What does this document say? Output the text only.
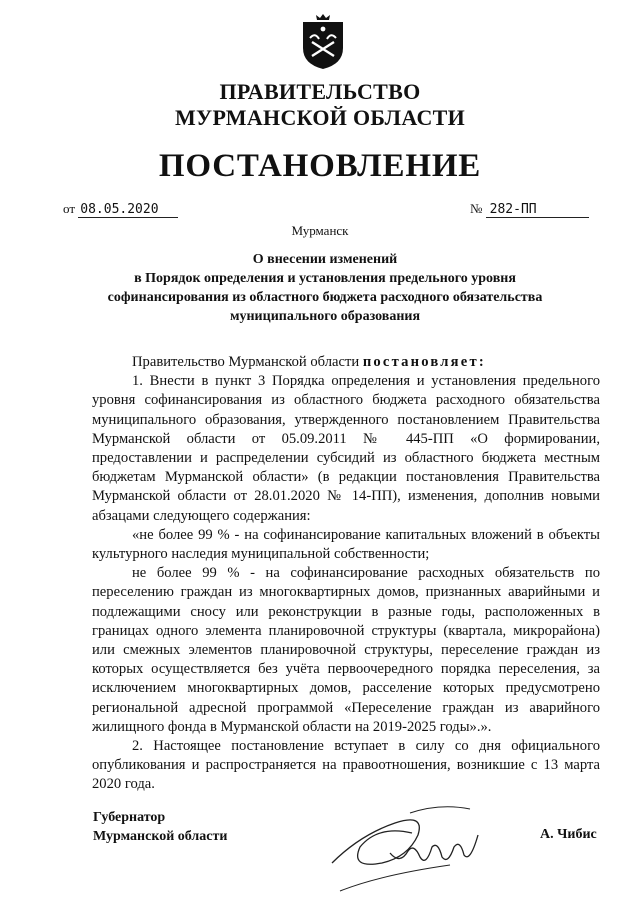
ПРАВИТЕЛЬСТВО
МУРМАНСКОЙ ОБЛАСТИ
ПОСТАНОВЛЕНИЕ
от 08.05.2020	№ 282-ПП
Мурманск
О внесении изменений
в Порядок определения и установления предельного уровня
софинансирования из областного бюджета расходного обязательства
муниципального образования

Правительство Мурманской области постановляет:

1. Внести в пункт 3 Порядка определения и установления предельного уровня софинансирования из областного бюджета расходного обязательства муниципального образования, утвержденного постановлением Правительства Мурманской области от 05.09.2011 № 445-ПП «О формировании, предоставлении и распределении субсидий из областного бюджета местным бюджетам Мурманской области» (в редакции постановления Правительства Мурманской области от 28.01.2020 № 14-ПП), изменения, дополнив новыми абзацами следующего содержания:

«не более 99 % - на софинансирование капитальных вложений в объекты культурного наследия муниципальной собственности;

не более 99 % - на софинансирование расходных обязательств по переселению граждан из многоквартирных домов, признанных аварийными и подлежащими сносу или реконструкции в разные годы, расположенных в границах одного элемента планировочной структуры (квартала, микрорайона) или смежных элементов планировочной структуры, переселение граждан из которых осуществляется без учёта первоочередного порядка переселения, за исключением многоквартирных домов, расселение которых предусмотрено региональной адресной программой «Переселение граждан из аварийного жилищного фонда в Мурманской области на 2019-2025 годы».».

2. Настоящее постановление вступает в силу со дня официального опубликования и распространяется на правоотношения, возникшие с 13 марта 2020 года.

Губернатор
Мурманской области	А. Чибис
